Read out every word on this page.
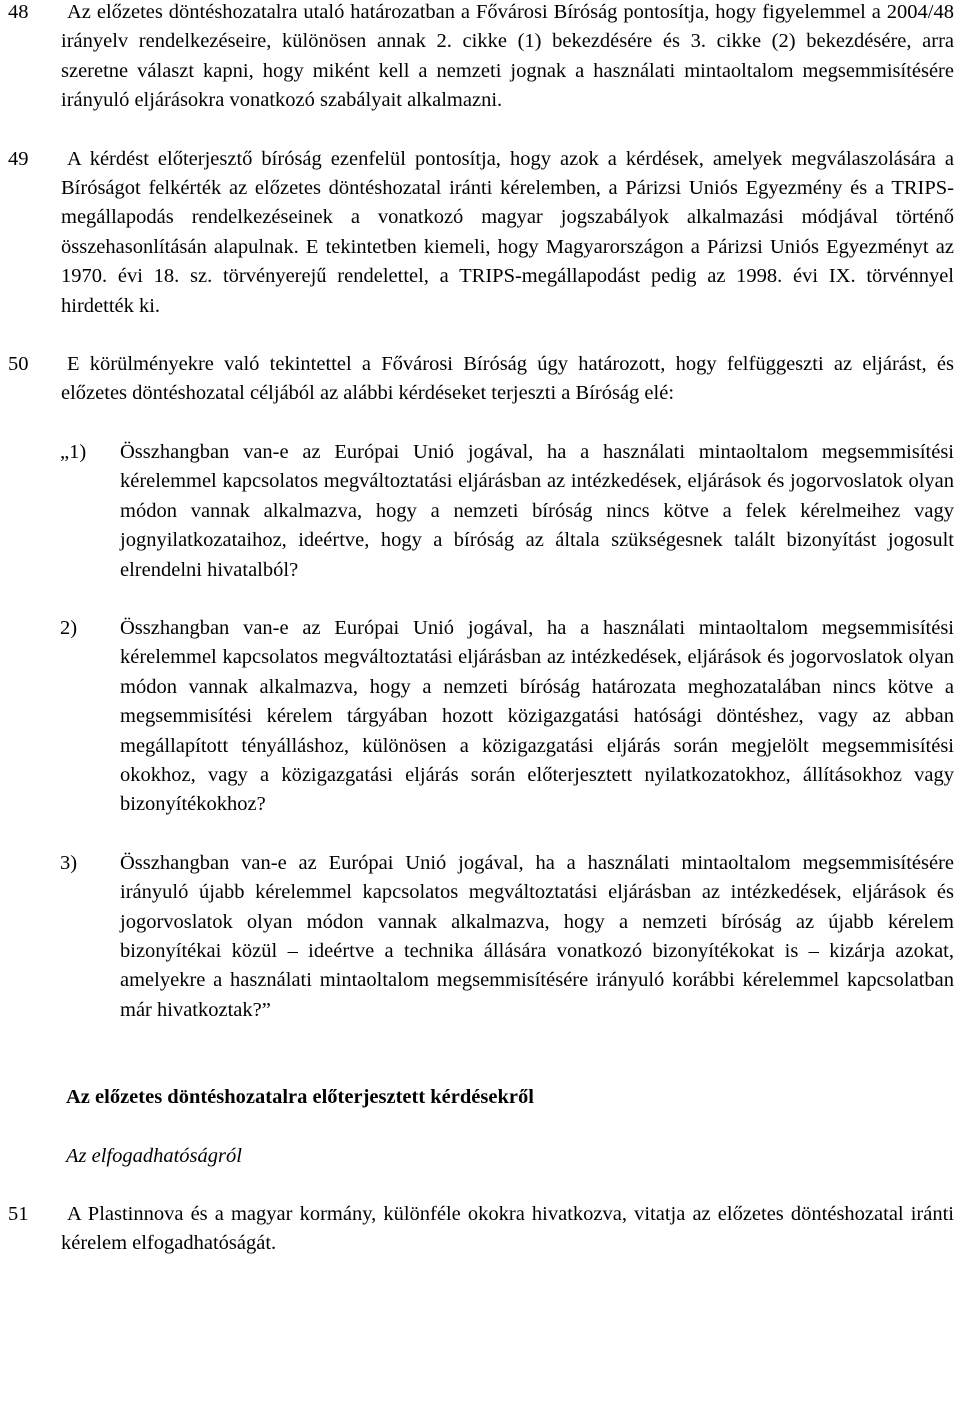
48 Az előzetes döntéshozatalra utaló határozatban a Fővárosi Bíróság pontosítja, hogy figyelemmel a 2004/48 irányelv rendelkezéseire, különösen annak 2. cikke (1) bekezdésére és 3. cikke (2) bekezdésére, arra szeretne választ kapni, hogy miként kell a nemzeti jognak a használati mintaoltalom megsemmisítésére irányuló eljárásokra vonatkozó szabályait alkalmazni.

49 A kérdést előterjesztő bíróság ezenfelül pontosítja, hogy azok a kérdések, amelyek megválaszolására a Bíróságot felkérték az előzetes döntéshozatal iránti kérelemben, a Párizsi Uniós Egyezmény és a TRIPS-megállapodás rendelkezéseinek a vonatkozó magyar jogszabályok alkalmazási módjával történő összehasonlításán alapulnak. E tekintetben kiemeli, hogy Magyarországon a Párizsi Uniós Egyezményt az 1970. évi 18. sz. törvényerejű rendelettel, a TRIPS-megállapodást pedig az 1998. évi IX. törvénnyel hirdették ki.

50 E körülményekre való tekintettel a Fővárosi Bíróság úgy határozott, hogy felfüggeszti az eljárást, és előzetes döntéshozatal céljából az alábbi kérdéseket terjeszti a Bíróság elé:

„1) Összhangban van-e az Európai Unió jogával, ha a használati mintaoltalom megsemmisítési kérelemmel kapcsolatos megváltoztatási eljárásban az intézkedések, eljárások és jogorvoslatok olyan módon vannak alkalmazva, hogy a nemzeti bíróság nincs kötve a felek kérelmeihez vagy jognyilatkozataihoz, ideértve, hogy a bíróság az általa szükségesnek talált bizonyítást jogosult elrendelni hivatalból?

2) Összhangban van-e az Európai Unió jogával, ha a használati mintaoltalom megsemmisítési kérelemmel kapcsolatos megváltoztatási eljárásban az intézkedések, eljárások és jogorvoslatok olyan módon vannak alkalmazva, hogy a nemzeti bíróság határozata meghozatalában nincs kötve a megsemmisítési kérelem tárgyában hozott közigazgatási hatósági döntéshez, vagy az abban megállapított tényálláshoz, különösen a közigazgatási eljárás során megjelölt megsemmisítési okokhoz, vagy a közigazgatási eljárás során előterjesztett nyilatkozatokhoz, állításokhoz vagy bizonyítékokhoz?

3) Összhangban van-e az Európai Unió jogával, ha a használati mintaoltalom megsemmisítésére irányuló újabb kérelemmel kapcsolatos megváltoztatási eljárásban az intézkedések, eljárások és jogorvoslatok olyan módon vannak alkalmazva, hogy a nemzeti bíróság az újabb kérelem bizonyítékai közül – ideértve a technika állására vonatkozó bizonyítékokat is – kizárja azokat, amelyekre a használati mintaoltalom megsemmisítésére irányuló korábbi kérelemmel kapcsolatban már hivatkoztak?”

Az előzetes döntéshozatalra előterjesztett kérdésekről

Az elfogadhatóságról

51 A Plastinnova és a magyar kormány, különféle okokra hivatkozva, vitatja az előzetes döntéshozatal iránti kérelem elfogadhatóságát.
